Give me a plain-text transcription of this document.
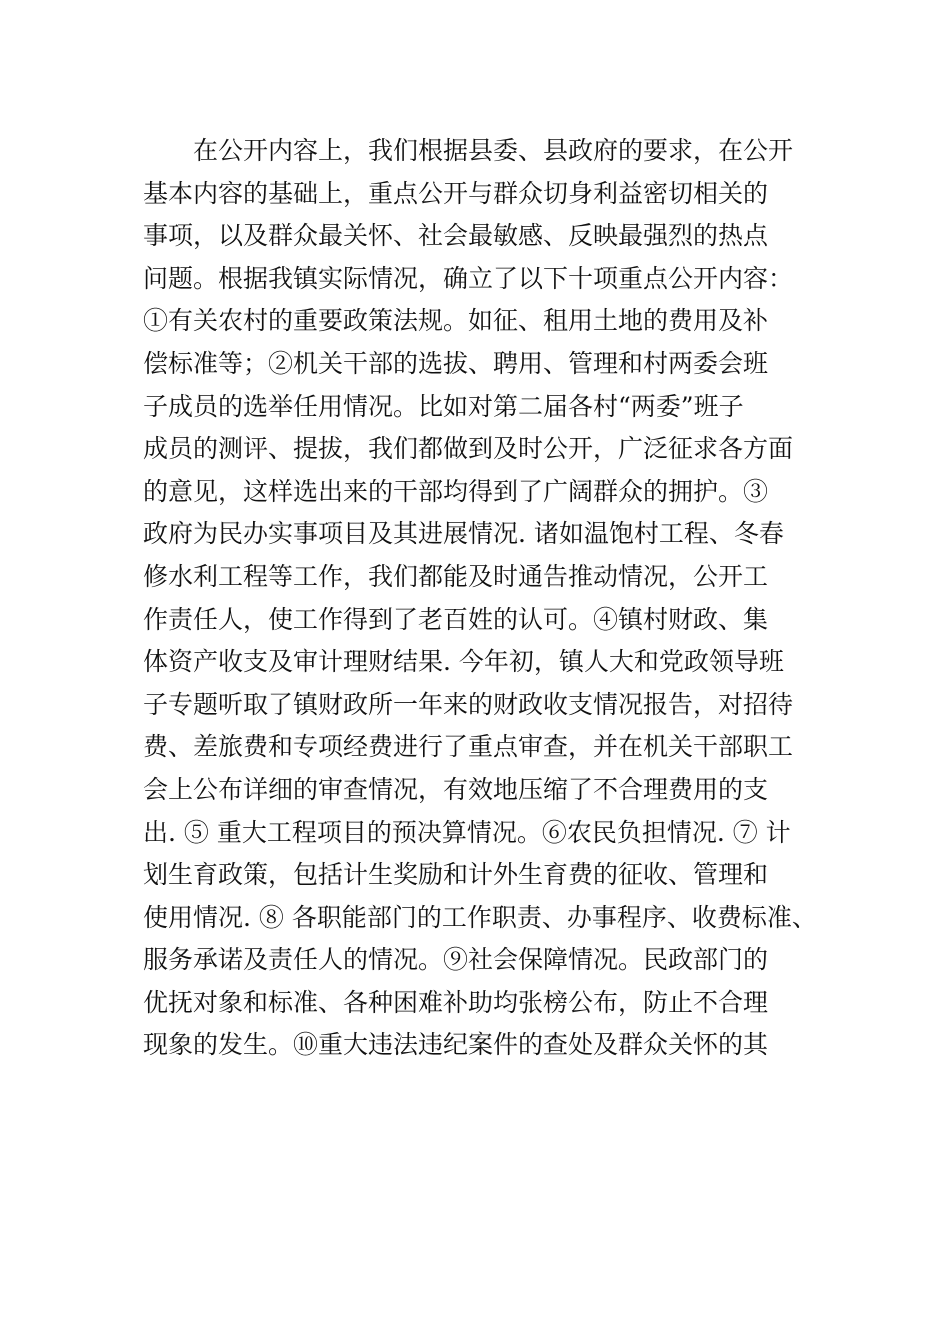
　　在公开内容上，我们根据县委、县政府的要求，在公开
基本内容的基础上，重点公开与群众切身利益密切相关的
事项，以及群众最关怀、社会最敏感、反映最强烈的热点
问题。根据我镇实际情况，确立了以下十项重点公开内容：
①有关农村的重要政策法规。如征、租用土地的费用及补
偿标准等；②机关干部的选拔、聘用、管理和村两委会班
子成员的选举任用情况。比如对第二届各村“两委”班子
成员的测评、提拔，我们都做到及时公开，广泛征求各方面
的意见，这样选出来的干部均得到了广阔群众的拥护。③
政府为民办实事项目及其进展情况. 诸如温饱村工程、冬春
修水利工程等工作，我们都能及时通告推动情况，公开工
作责任人，使工作得到了老百姓的认可。④镇村财政、集
体资产收支及审计理财结果. 今年初，镇人大和党政领导班
子专题听取了镇财政所一年来的财政收支情况报告，对招待
费、差旅费和专项经费进行了重点审查，并在机关干部职工
会上公布详细的审查情况，有效地压缩了不合理费用的支
出. ⑤ 重大工程项目的预决算情况。⑥农民负担情况. ⑦ 计
划生育政策，包括计生奖励和计外生育费的征收、管理和
使用情况. ⑧ 各职能部门的工作职责、办事程序、收费标准、
服务承诺及责任人的情况。⑨社会保障情况。民政部门的
优抚对象和标准、各种困难补助均张榜公布，防止不合理
现象的发生。⑩重大违法违纪案件的查处及群众关怀的其
